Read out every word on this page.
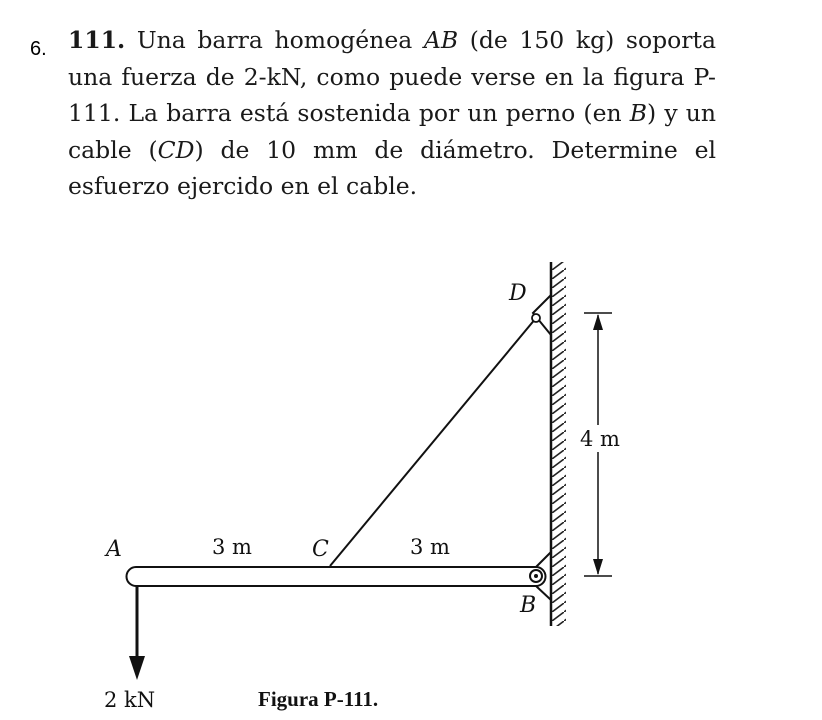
6. 111. Una barra homogénea AB (de 150 kg) soporta una fuerza de 2-kN, como puede verse en la figura P-111. La barra está sostenida por un perno (en B) y un cable (CD) de 10 mm de diámetro. Determine el esfuerzo ejercido en el cable.

A	3 m	C	3 m
D
B
4 m
2 kN	Figura P-111.
